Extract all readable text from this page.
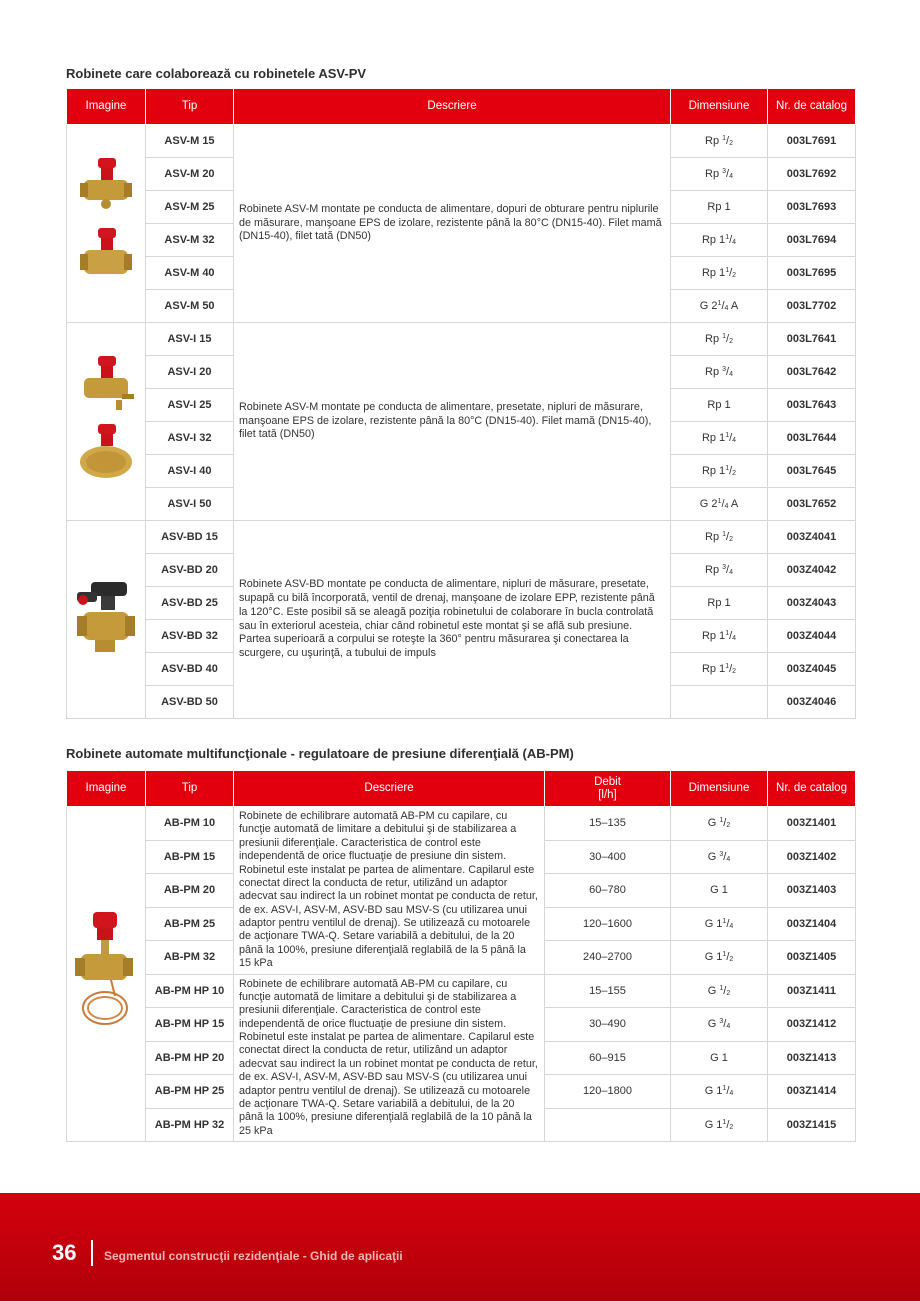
Robinete care colaborează cu robinetele ASV-PV
Imagine	Tip	Descriere	Dimensiune	Nr. de catalog
	ASV-M 15	Robinete ASV-M montate pe conducta de alimentare, dopuri de obturare pentru niplurile de măsurare, manşoane EPS de izolare, rezistente până la 80°C (DN15-40). Filet mamă (DN15-40), filet tată (DN50)	Rp $^1/_2$	003L7691
	ASV-M 20		Rp $^3/_4$	003L7692
	ASV-M 25		Rp 1	003L7693
	ASV-M 32		Rp $1^1/_4$	003L7694
	ASV-M 40		Rp $1^1/_2$	003L7695
	ASV-M 50		G $2^1/_4$ A	003L7702
	ASV-I 15	Robinete ASV-M montate pe conducta de alimentare, presetate, nipluri de măsurare, manşoane EPS de izolare, rezistente până la 80°C (DN15-40). Filet mamă (DN15-40), filet tată (DN50)	Rp $^1/_2$	003L7641
	ASV-I 20		Rp $^3/_4$	003L7642
	ASV-I 25		Rp 1	003L7643
	ASV-I 32		Rp $1^1/_4$	003L7644
	ASV-I 40		Rp $1^1/_2$	003L7645
	ASV-I 50		G $2^1/_4$ A	003L7652
	ASV-BD 15	Robinete ASV-BD montate pe conducta de alimentare, nipluri de măsurare, presetate, supapă cu bilă încorporată, ventil de drenaj, manşoane de izolare EPP, rezistente până la 120°C. Este posibil să se aleagă poziţia robinetului de colaborare în bucla controlată sau în exteriorul acesteia, chiar când robinetul este montat şi se află sub presiune. Partea superioară a corpului se roteşte la 360° pentru măsurarea şi conectarea la scurgere, cu uşurinţă, a tubului de impuls	Rp $^1/_2$	003Z4041
	ASV-BD 20		Rp $^3/_4$	003Z4042
	ASV-BD 25		Rp 1	003Z4043
	ASV-BD 32		Rp $1^1/_4$	003Z4044
	ASV-BD 40		Rp $1^1/_2$	003Z4045
	ASV-BD 50			003Z4046
Robinete automate multifuncţionale - regulatoare de presiune diferenţială (AB-PM)
Imagine	Tip	Descriere	Debit
[l/h]	Dimensiune	Nr. de catalog
	AB-PM 10	Robinete de echilibrare automată AB-PM cu capilare, cu funcţie automată de limitare a debitului şi de stabilizarea a presiunii diferenţiale. Caracteristica de control este independentă de orice fluctuaţie de presiune din sistem. Robinetul este instalat pe partea de alimentare. Capilarul este conectat direct la conducta de retur, utilizând un adaptor adecvat sau indirect la un robinet montat pe conducta de retur, de ex. ASV-I, ASV-M, ASV-BD sau MSV-S (cu utilizarea unui adaptor pentru ventilul de drenaj). Se utilizează cu motoarele de acţionare TWA-Q. Setare variabilă a debitului, de la 20 până la 100%, presiune diferenţială reglabilă de la 5 până la 15 kPa	15–135	G $^1/_2$	003Z1401
	AB-PM 15		30–400	G $^3/_4$	003Z1402
	AB-PM 20		60–780	G 1	003Z1403
	AB-PM 25		120–1600	G $1^1/_4$	003Z1404
	AB-PM 32		240–2700	G $1^1/_2$	003Z1405
	AB-PM HP 10	Robinete de echilibrare automată AB-PM cu capilare, cu funcţie automată de limitare a debitului şi de stabilizarea a presiunii diferenţiale. Caracteristica de control este independentă de orice fluctuaţie de presiune din sistem. Robinetul este instalat pe partea de alimentare. Capilarul este conectat direct la conducta de retur, utilizând un adaptor adecvat sau indirect la un robinet montat pe conducta de retur, de ex. ASV-I, ASV-M, ASV-BD sau MSV-S (cu utilizarea unui adaptor pentru ventilul de drenaj). Se utilizează cu motoarele de acţionare TWA-Q. Setare variabilă a debitului, de la 20 până la 100%, presiune diferenţială reglabilă de la 10 până la 25 kPa	15–155	G $^1/_2$	003Z1411
	AB-PM HP 15		30–490	G $^3/_4$	003Z1412
	AB-PM HP 20		60–915	G 1	003Z1413
	AB-PM HP 25		120–1800	G $1^1/_4$	003Z1414
	AB-PM HP 32			G $1^1/_2$	003Z1415
36 Segmentul construcţii rezidenţiale - Ghid de aplicaţii
